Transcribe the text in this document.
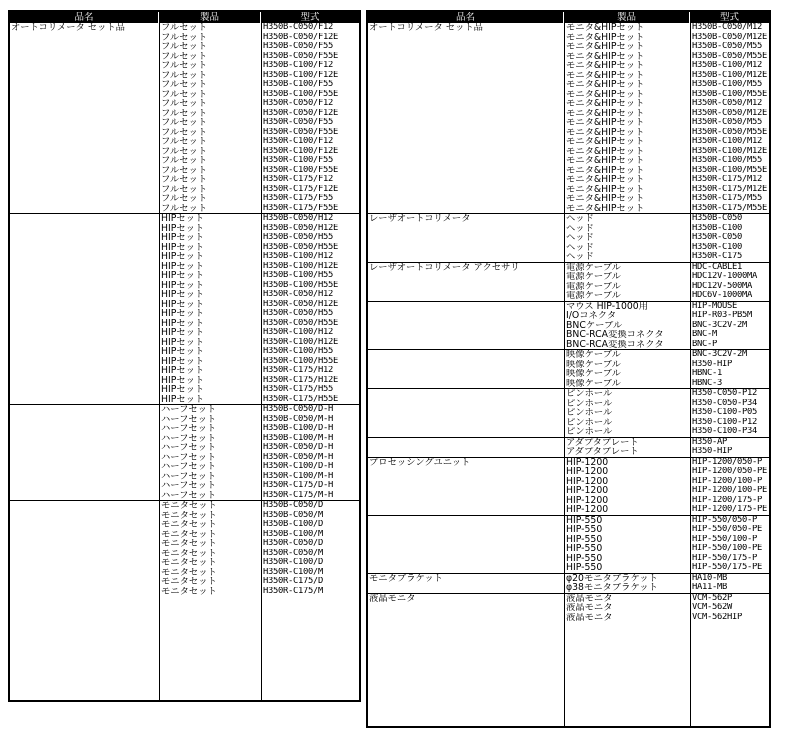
品名	製品	型式
オートコリメータ セット品	フルセット	H350B-C050/F12
フルセット	H350B-C050/F12E
フルセット	H350B-C050/F55
フルセット	H350B-C050/F55E
フルセット	H350B-C100/F12
フルセット	H350B-C100/F12E
フルセット	H350B-C100/F55
フルセット	H350B-C100/F55E
フルセット	H350R-C050/F12
フルセット	H350R-C050/F12E
フルセット	H350R-C050/F55
フルセット	H350R-C050/F55E
フルセット	H350R-C100/F12
フルセット	H350R-C100/F12E
フルセット	H350R-C100/F55
フルセット	H350R-C100/F55E
フルセット	H350R-C175/F12
フルセット	H350R-C175/F12E
フルセット	H350R-C175/F55
フルセット	H350R-C175/F55E
HIPセット	H350B-C050/H12
HIPセット	H350B-C050/H12E
HIPセット	H350B-C050/H55
HIPセット	H350B-C050/H55E
HIPセット	H350B-C100/H12
HIPセット	H350B-C100/H12E
HIPセット	H350B-C100/H55
HIPセット	H350B-C100/H55E
HIPセット	H350R-C050/H12
HIPセット	H350R-C050/H12E
HIPセット	H350R-C050/H55
HIPセット	H350R-C050/H55E
HIPセット	H350R-C100/H12
HIPセット	H350R-C100/H12E
HIPセット	H350R-C100/H55
HIPセット	H350R-C100/H55E
HIPセット	H350R-C175/H12
HIPセット	H350R-C175/H12E
HIPセット	H350R-C175/H55
HIPセット	H350R-C175/H55E
ハーフセット	H350B-C050/D-H
ハーフセット	H350B-C050/M-H
ハーフセット	H350B-C100/D-H
ハーフセット	H350B-C100/M-H
ハーフセット	H350R-C050/D-H
ハーフセット	H350R-C050/M-H
ハーフセット	H350R-C100/D-H
ハーフセット	H350R-C100/M-H
ハーフセット	H350R-C175/D-H
ハーフセット	H350R-C175/M-H
モニタセット	H350B-C050/D
モニタセット	H350B-C050/M
モニタセット	H350B-C100/D
モニタセット	H350B-C100/M
モニタセット	H350R-C050/D
モニタセット	H350R-C050/M
モニタセット	H350R-C100/D
モニタセット	H350R-C100/M
モニタセット	H350R-C175/D
モニタセット	H350R-C175/M
品名	製品	型式
オートコリメータ セット品	モニタ&HIPセット	H350B-C050/M12
モニタ&HIPセット	H350B-C050/M12E
モニタ&HIPセット	H350B-C050/M55
モニタ&HIPセット	H350B-C050/M55E
モニタ&HIPセット	H350B-C100/M12
モニタ&HIPセット	H350B-C100/M12E
モニタ&HIPセット	H350B-C100/M55
モニタ&HIPセット	H350B-C100/M55E
モニタ&HIPセット	H350R-C050/M12
モニタ&HIPセット	H350R-C050/M12E
モニタ&HIPセット	H350R-C050/M55
モニタ&HIPセット	H350R-C050/M55E
モニタ&HIPセット	H350R-C100/M12
モニタ&HIPセット	H350R-C100/M12E
モニタ&HIPセット	H350R-C100/M55
モニタ&HIPセット	H350R-C100/M55E
モニタ&HIPセット	H350R-C175/M12
モニタ&HIPセット	H350R-C175/M12E
モニタ&HIPセット	H350R-C175/M55
モニタ&HIPセット	H350R-C175/M55E
レーザオートコリメータ	ヘッド	H350B-C050
ヘッド	H350B-C100
ヘッド	H350R-C050
ヘッド	H350R-C100
ヘッド	H350R-C175
レーザオートコリメータ アクセサリ	電源ケーブル	HDC-CABLE1
電源ケーブル	HDC12V-1000MA
電源ケーブル	HDC12V-500MA
電源ケーブル	HDC6V-1000MA
マウス HIP-1000用	HIP-MOUSE
I/Oコネクタ	HIP-R03-PB5M
BNCケーブル	BNC-3C2V-2M
BNC-RCA変換コネクタ	BNC-M
BNC-RCA変換コネクタ	BNC-P
映像ケーブル	BNC-3C2V-2M
映像ケーブル	H350-HIP
映像ケーブル	HBNC-1
映像ケーブル	HBNC-3
ピンホール	H350-C050-P12
ピンホール	H350-C050-P34
ピンホール	H350-C100-P05
ピンホール	H350-C100-P12
ピンホール	H350-C100-P34
アダプタプレート	H350-AP
アダプタプレート	H350-HIP
プロセッシングユニット	HIP-1200	HIP-1200/050-P
HIP-1200	HIP-1200/050-PE
HIP-1200	HIP-1200/100-P
HIP-1200	HIP-1200/100-PE
HIP-1200	HIP-1200/175-P
HIP-1200	HIP-1200/175-PE
HIP-550	HIP-550/050-P
HIP-550	HIP-550/050-PE
HIP-550	HIP-550/100-P
HIP-550	HIP-550/100-PE
HIP-550	HIP-550/175-P
HIP-550	HIP-550/175-PE
モニタブラケット	φ20モニタブラケット	HA10-MB
φ38モニタブラケット	HA11-MB
液晶モニタ	液晶モニタ	VCM-562P
液晶モニタ	VCM-562W
液晶モニタ	VCM-562HIP
